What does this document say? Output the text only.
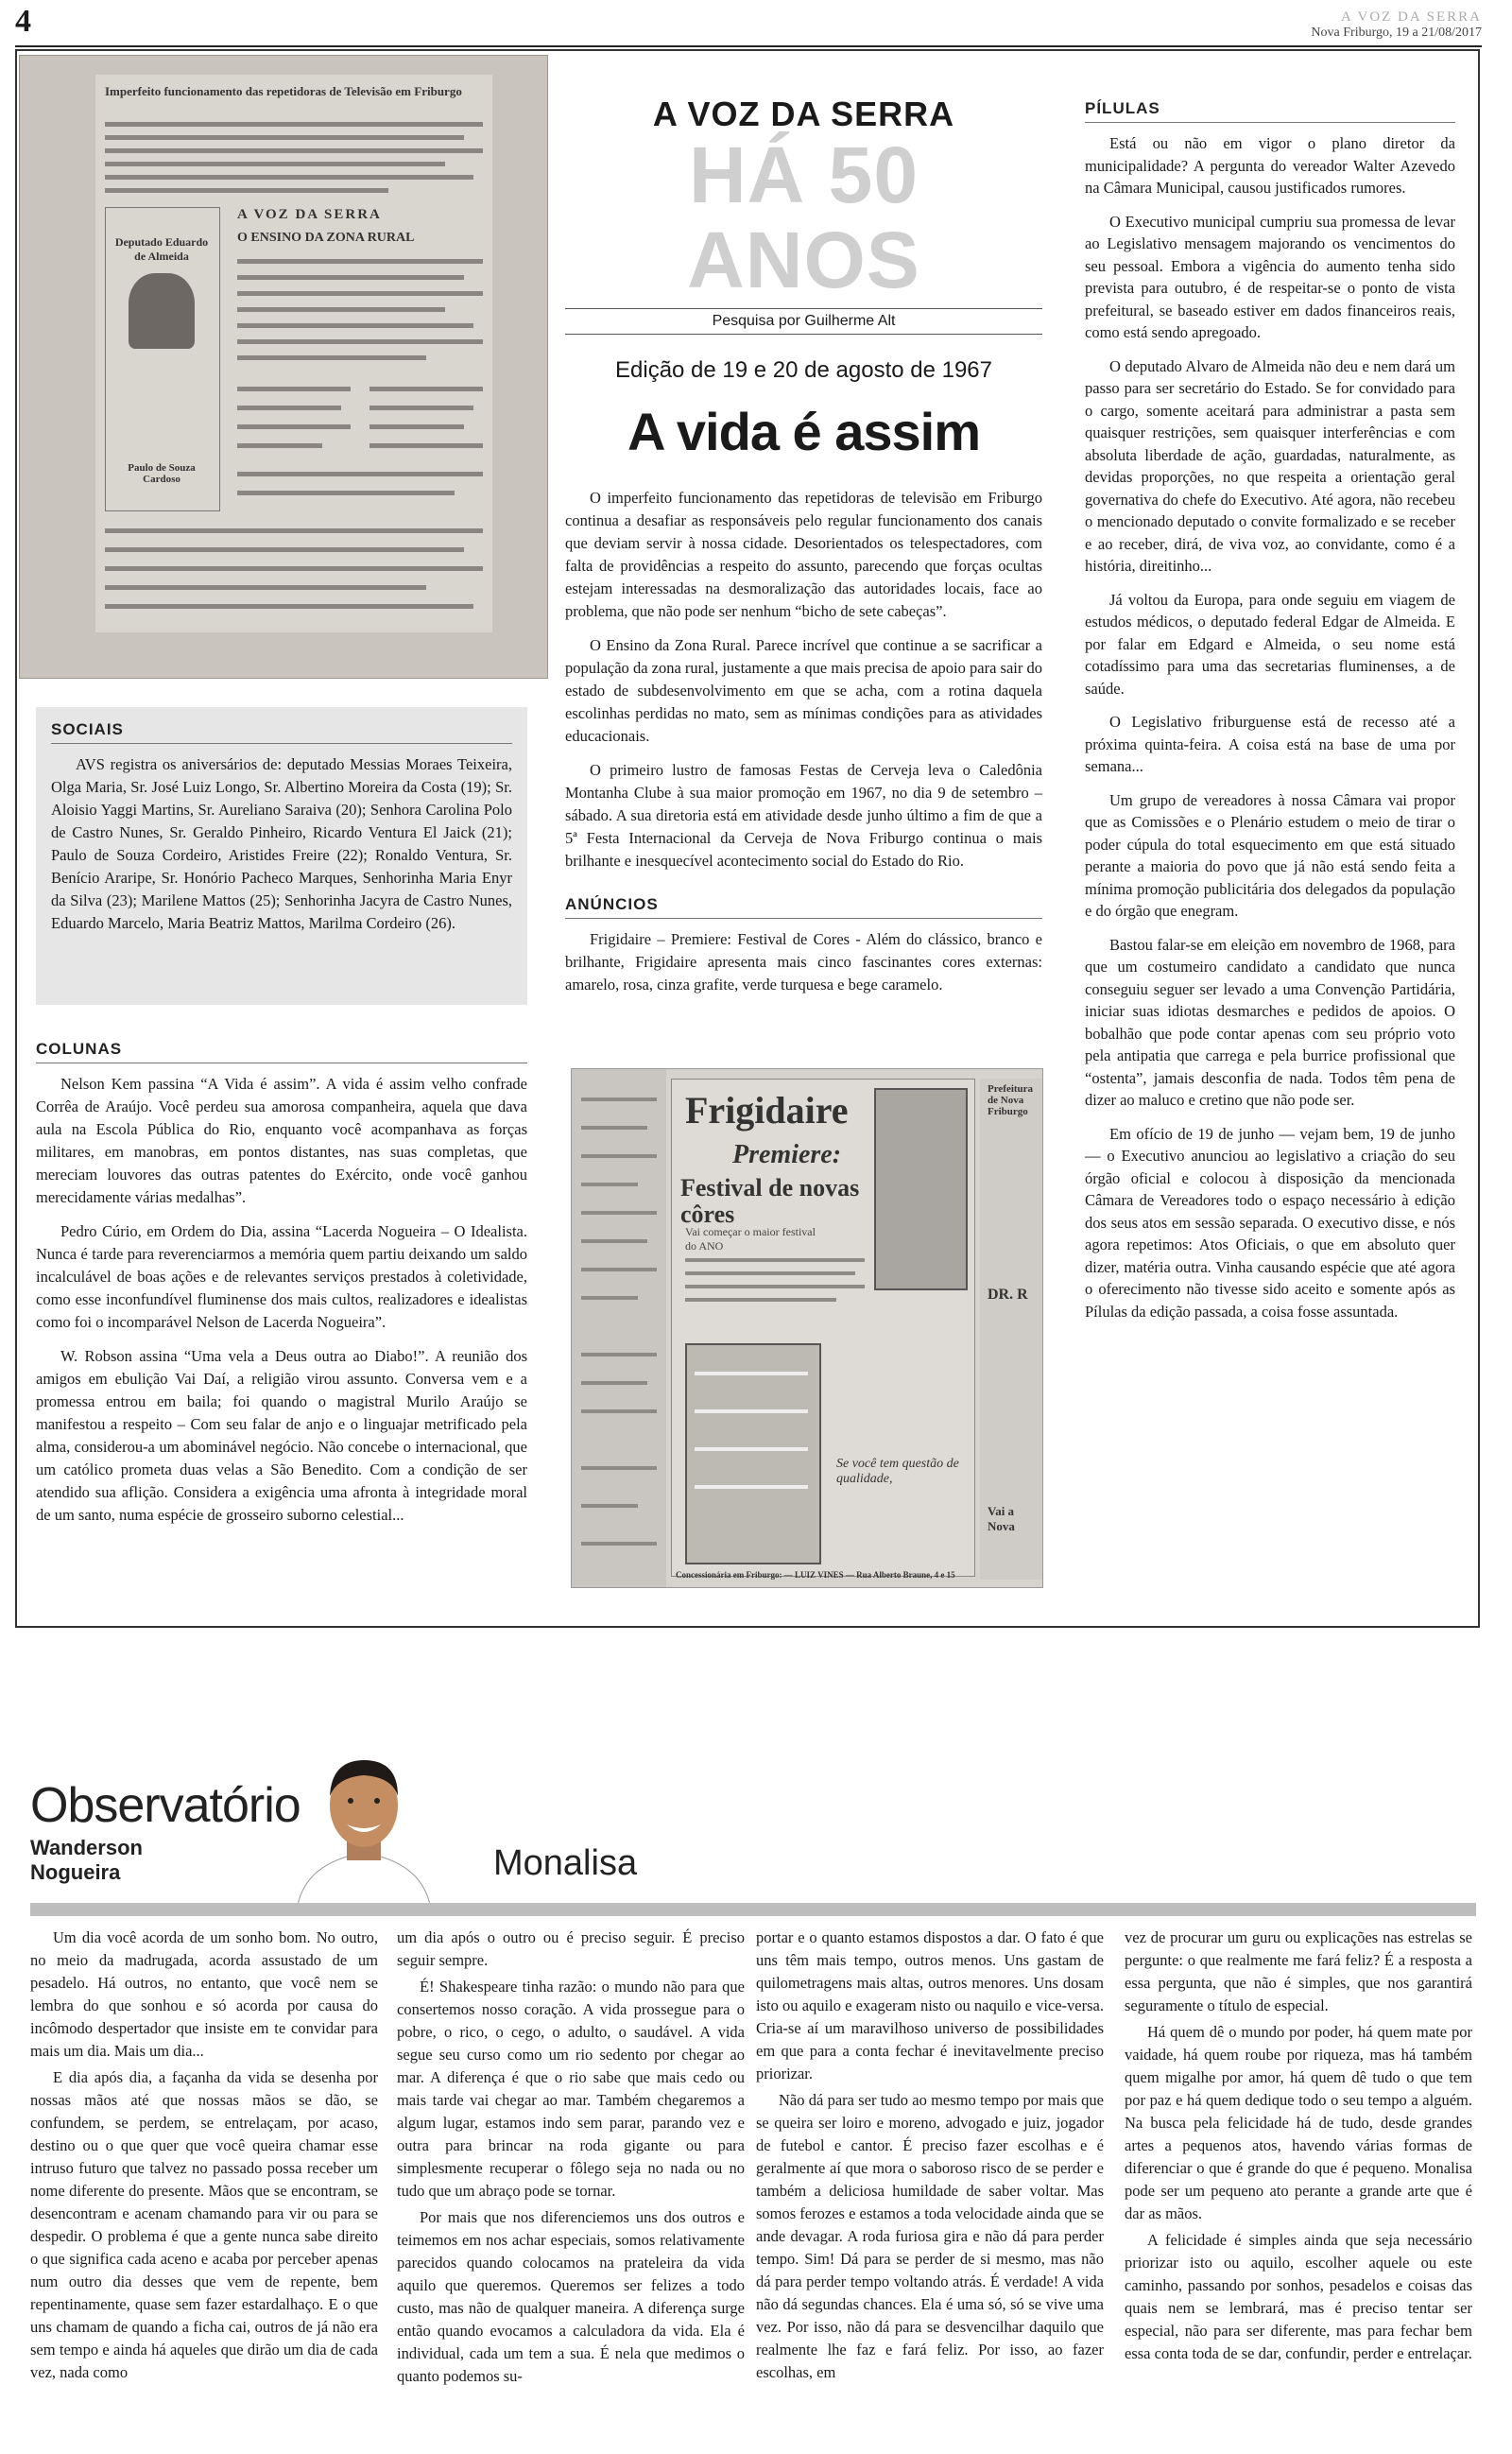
4	A VOZ DA SERRA
Nova Friburgo, 19 a 21/08/2017
Imperfeito funcionamento das repetidoras de Televisão em Friburgo
Deputado Eduardo de Almeida
Paulo de Souza Cardoso
A VOZ DA SERRA
O ENSINO DA ZONA RURAL
SOCIAIS

AVS registra os aniversários de: deputado Messias Moraes Teixeira, Olga Maria, Sr. José Luiz Longo, Sr. Albertino Moreira da Costa (19); Sr. Aloisio Yaggi Martins, Sr. Aureliano Saraiva (20); Senhora Carolina Polo de Castro Nunes, Sr. Geraldo Pinheiro, Ricardo Ventura El Jaick (21); Paulo de Souza Cordeiro, Aristides Freire (22); Ronaldo Ventura, Sr. Benício Araripe, Sr. Honório Pacheco Marques, Senhorinha Maria Enyr da Silva (23); Marilene Mattos (25); Senhorinha Jacyra de Castro Nunes, Eduardo Marcelo, Maria Beatriz Mattos, Marilma Cordeiro (26).

COLUNAS

Nelson Kem passina “A Vida é assim”. A vida é assim velho confrade Corrêa de Araújo. Você perdeu sua amorosa companheira, aquela que dava aula na Escola Pública do Rio, enquanto você acompanhava as forças militares, em manobras, em pontos distantes, nas suas completas, que mereciam louvores das outras patentes do Exército, onde você ganhou merecidamente várias medalhas”.

Pedro Cúrio, em Ordem do Dia, assina “Lacerda Nogueira – O Idealista. Nunca é tarde para reverenciarmos a memória quem partiu deixando um saldo incalculável de boas ações e de relevantes serviços prestados à coletividade, como esse inconfundível fluminense dos mais cultos, realizadores e idealistas como foi o incomparável Nelson de Lacerda Nogueira”.

W. Robson assina “Uma vela a Deus outra ao Diabo!”. A reunião dos amigos em ebulição Vai Daí, a religião virou assunto. Conversa vem e a promessa entrou em baila; foi quando o magistral Murilo Araújo se manifestou a respeito – Com seu falar de anjo e o linguajar metrificado pela alma, considerou-a um abominável negócio. Não concebe o internacional, que um católico prometa duas velas a São Benedito. Com a condição de ser atendido sua aflição. Considera a exigência uma afronta à integridade moral de um santo, numa espécie de grosseiro suborno celestial...

A VOZ DA SERRA
HÁ 50 ANOS
Pesquisa por Guilherme Alt
Edição de 19 e 20 de agosto de 1967
A vida é assim

O imperfeito funcionamento das repetidoras de televisão em Friburgo continua a desafiar as responsáveis pelo regular funcionamento dos canais que deviam servir à nossa cidade. Desorientados os telespectadores, com falta de providências a respeito do assunto, parecendo que forças ocultas estejam interessadas na desmoralização das autoridades locais, face ao problema, que não pode ser nenhum “bicho de sete cabeças”.

O Ensino da Zona Rural. Parece incrível que continue a se sacrificar a população da zona rural, justamente a que mais precisa de apoio para sair do estado de subdesenvolvimento em que se acha, com a rotina daquela escolinhas perdidas no mato, sem as mínimas condições para as atividades educacionais.

O primeiro lustro de famosas Festas de Cerveja leva o Caledônia Montanha Clube à sua maior promoção em 1967, no dia 9 de setembro – sábado. A sua diretoria está em atividade desde junho último a fim de que a 5ª Festa Internacional da Cerveja de Nova Friburgo continua o mais brilhante e inesquecível acontecimento social do Estado do Rio.

ANÚNCIOS

Frigidaire – Premiere: Festival de Cores - Além do clássico, branco e brilhante, Frigidaire apresenta mais cinco fascinantes cores externas: amarelo, rosa, cinza grafite, verde turquesa e bege caramelo.

Frigidaire
Premiere:
Festival de novas côres
Vai começar o maior festival do ANO
Se você tem questão de qualidade,
Concessionária em Friburgo: — LUIZ VINES — Rua Alberto Braune, 4 e 15
Prefeitura de Nova Friburgo
DR. R
Vai a Nova
PÍLULAS

Está ou não em vigor o plano diretor da municipalidade? A pergunta do vereador Walter Azevedo na Câmara Municipal, causou justificados rumores.

O Executivo municipal cumpriu sua promessa de levar ao Legislativo mensagem majorando os vencimentos do seu pessoal. Embora a vigência do aumento tenha sido prevista para outubro, é de respeitar-se o ponto de vista prefeitural, se baseado estiver em dados financeiros reais, como está sendo apregoado.

O deputado Alvaro de Almeida não deu e nem dará um passo para ser secretário do Estado. Se for convidado para o cargo, somente aceitará para administrar a pasta sem quaisquer restrições, sem quaisquer interferências e com absoluta liberdade de ação, guardadas, naturalmente, as devidas proporções, no que respeita a orientação geral governativa do chefe do Executivo. Até agora, não recebeu o mencionado deputado o convite formalizado e se receber e ao receber, dirá, de viva voz, ao convidante, como é a história, direitinho...

Já voltou da Europa, para onde seguiu em viagem de estudos médicos, o deputado federal Edgar de Almeida. E por falar em Edgard e Almeida, o seu nome está cotadíssimo para uma das secretarias fluminenses, a de saúde.

O Legislativo friburguense está de recesso até a próxima quinta-feira. A coisa está na base de uma por semana...

Um grupo de vereadores à nossa Câmara vai propor que as Comissões e o Plenário estudem o meio de tirar o poder cúpula do total esquecimento em que está situado perante a maioria do povo que já não está sendo feita a mínima promoção publicitária dos delegados da população e do órgão que enegram.

Bastou falar-se em eleição em novembro de 1968, para que um costumeiro candidato a candidato que nunca conseguiu seguer ser levado a uma Convenção Partidária, iniciar suas idiotas desmarches e pedidos de apoios. O bobalhão que pode contar apenas com seu próprio voto pela antipatia que carrega e pela burrice profissional que “ostenta”, jamais desconfia de nada. Todos têm pena de dizer ao maluco e cretino que não pode ser.

Em ofício de 19 de junho — vejam bem, 19 de junho — o Executivo anunciou ao legislativo a criação do seu órgão oficial e colocou à disposição da mencionada Câmara de Vereadores todo o espaço necessário à edição dos seus atos em sessão separada. O executivo disse, e nós agora repetimos: Atos Oficiais, o que em absoluto quer dizer, matéria outra. Vinha causando espécie que até agora o oferecimento não tivesse sido aceito e somente após as Pílulas da edição passada, a coisa fosse assuntada.

Observatório
Wanderson
Nogueira	Monalisa

Um dia você acorda de um sonho bom. No outro, no meio da madrugada, acorda assustado de um pesadelo. Há outros, no entanto, que você nem se lembra do que sonhou e só acorda por causa do incômodo despertador que insiste em te convidar para mais um dia. Mais um dia...

E dia após dia, a façanha da vida se desenha por nossas mãos até que nossas mãos se dão, se confundem, se perdem, se entrelaçam, por acaso, destino ou o que quer que você queira chamar esse intruso futuro que talvez no passado possa receber um nome diferente do presente. Mãos que se encontram, se desencontram e acenam chamando para vir ou para se despedir. O problema é que a gente nunca sabe direito o que significa cada aceno e acaba por perceber apenas num outro dia desses que vem de repente, bem repentinamente, quase sem fazer estardalhaço. E o que uns chamam de quando a ficha cai, outros de já não era sem tempo e ainda há aqueles que dirão um dia de cada vez, nada como

um dia após o outro ou é preciso seguir. É preciso seguir sempre.

É! Shakespeare tinha razão: o mundo não para que consertemos nosso coração. A vida prossegue para o pobre, o rico, o cego, o adulto, o saudável. A vida segue seu curso como um rio sedento por chegar ao mar. A diferença é que o rio sabe que mais cedo ou mais tarde vai chegar ao mar. Também chegaremos a algum lugar, estamos indo sem parar, parando vez e outra para brincar na roda gigante ou para simplesmente recuperar o fôlego seja no nada ou no tudo que um abraço pode se tornar.

Por mais que nos diferenciemos uns dos outros e teimemos em nos achar especiais, somos relativamente parecidos quando colocamos na prateleira da vida aquilo que queremos. Queremos ser felizes a todo custo, mas não de qualquer maneira. A diferença surge então quando evocamos a calculadora da vida. Ela é individual, cada um tem a sua. É nela que medimos o quanto podemos su-

portar e o quanto estamos dispostos a dar. O fato é que uns têm mais tempo, outros menos. Uns gastam de quilometragens mais altas, outros menores. Uns dosam isto ou aquilo e exageram nisto ou naquilo e vice-versa. Cria-se aí um maravilhoso universo de possibilidades em que para a conta fechar é inevitavelmente preciso priorizar.

Não dá para ser tudo ao mesmo tempo por mais que se queira ser loiro e moreno, advogado e juiz, jogador de futebol e cantor. É preciso fazer escolhas e é geralmente aí que mora o saboroso risco de se perder e também a deliciosa humildade de saber voltar. Mas somos ferozes e estamos a toda velocidade ainda que se ande devagar. A roda furiosa gira e não dá para perder tempo. Sim! Dá para se perder de si mesmo, mas não dá para perder tempo voltando atrás. É verdade! A vida não dá segundas chances. Ela é uma só, só se vive uma vez. Por isso, não dá para se desvencilhar daquilo que realmente lhe faz e fará feliz. Por isso, ao fazer escolhas, em

vez de procurar um guru ou explicações nas estrelas se pergunte: o que realmente me fará feliz? É a resposta a essa pergunta, que não é simples, que nos garantirá seguramente o título de especial.

Há quem dê o mundo por poder, há quem mate por vaidade, há quem roube por riqueza, mas há também quem migalhe por amor, há quem dê tudo o que tem por paz e há quem dedique todo o seu tempo a alguém. Na busca pela felicidade há de tudo, desde grandes artes a pequenos atos, havendo várias formas de diferenciar o que é grande do que é pequeno. Monalisa pode ser um pequeno ato perante a grande arte que é dar as mãos.

A felicidade é simples ainda que seja necessário priorizar isto ou aquilo, escolher aquele ou este caminho, passando por sonhos, pesadelos e coisas das quais nem se lembrará, mas é preciso tentar ser especial, não para ser diferente, mas para fechar bem essa conta toda de se dar, confundir, perder e entrelaçar.
